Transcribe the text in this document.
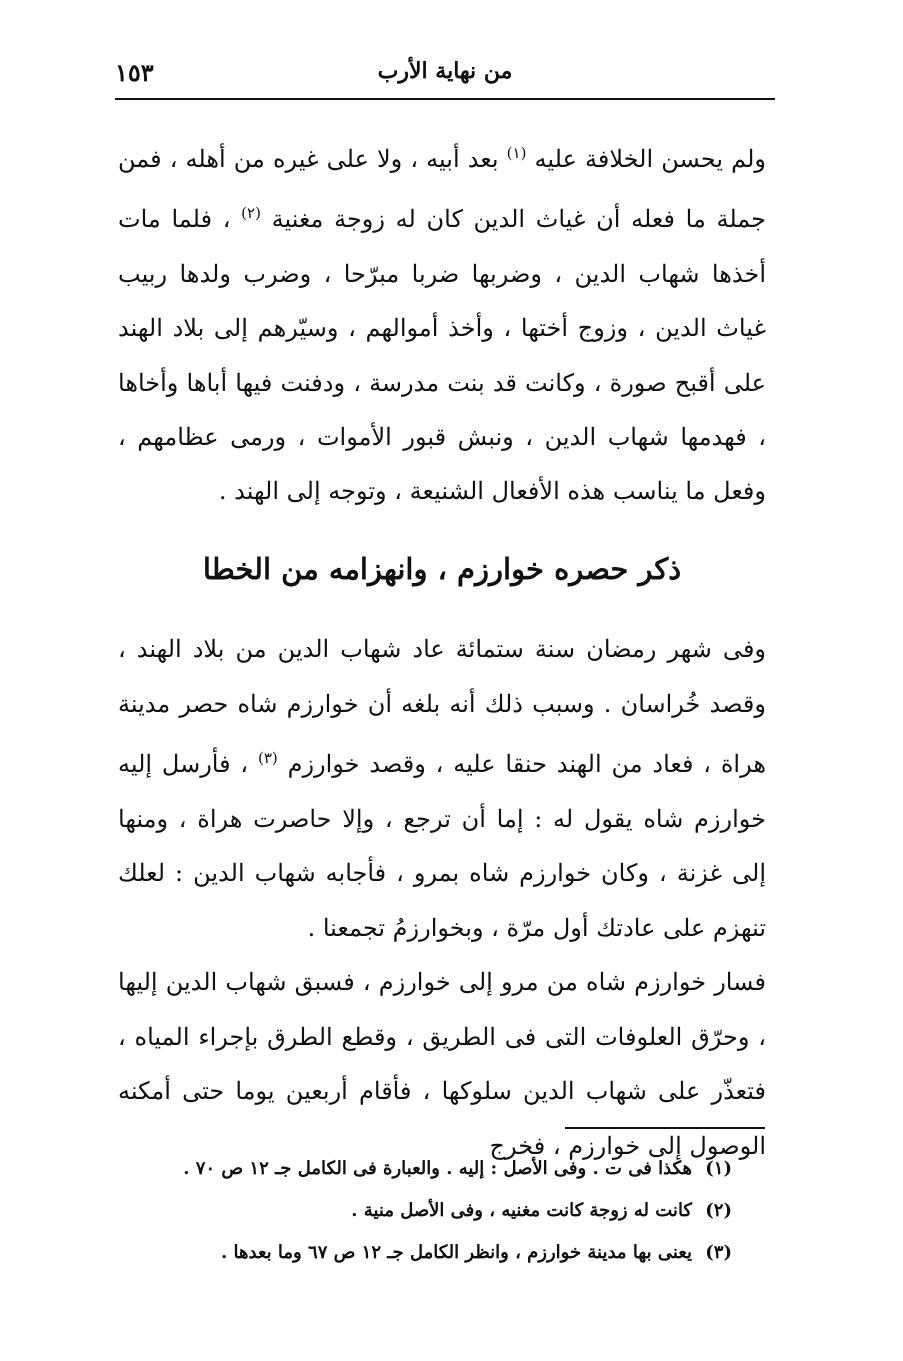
من نهاية الأرب
١٥٣
ولم يحسن الخلافة عليه $^{(١)}$ بعد أبيه ، ولا على غيره من أهله ، فمن جملة ما فعله أن غياث الدين كان له زوجة مغنية $^{(٢)}$ ، فلما مات أخذها شهاب الدين ، وضربها ضربا مبرّحا ، وضرب ولدها ربيب غياث الدين ، وزوج أختها ، وأخذ أموالهم ، وسيّرهم إلى بلاد الهند على أقبح صورة ، وكانت قد بنت مدرسة ، ودفنت فيها أباها وأخاها ، فهدمها شهاب الدين ، ونبش قبور الأموات ، ورمى عظامهم ، وفعل ما يناسب هذه الأفعال الشنيعة ، وتوجه إلى الهند .
ذكر حصره خوارزم ، وانهزامه من الخطا
وفى شهر رمضان سنة ستمائة عاد شهاب الدين من بلاد الهند ، وقصد خُراسان . وسبب ذلك أنه بلغه أن خوارزم شاه حصر مدينة هراة ، فعاد من الهند حنقا عليه ، وقصد خوارزم $^{(٣)}$ ، فأرسل إليه خوارزم شاه يقول له : إما أن ترجع ، وإلا حاصرت هراة ، ومنها إلى غزنة ، وكان خوارزم شاه بمرو ، فأجابه شهاب الدين : لعلك تنهزم على عادتك أول مرّة ، وبخوارزمُ تجمعنا .
فسار خوارزم شاه من مرو إلى خوارزم ، فسبق شهاب الدين إليها ، وحرّق العلوفات التى فى الطريق ، وقطع الطرق بإجراء المياه ، فتعذّر على شهاب الدين سلوكها ، فأقام أربعين يوما حتى أمكنه الوصول إلى خوارزم ، فخرج
(١)هكذا فى ت . وفى الأصل : إليه . والعبارة فى الكامل جـ ١٢ ص ٧٠ .
(٢)كانت له زوجة كانت مغنيه ، وفى الأصل منية .
(٣)يعنى بها مدينة خوارزم ، وانظر الكامل جـ ١٢ ص ٦٧ وما بعدها .
